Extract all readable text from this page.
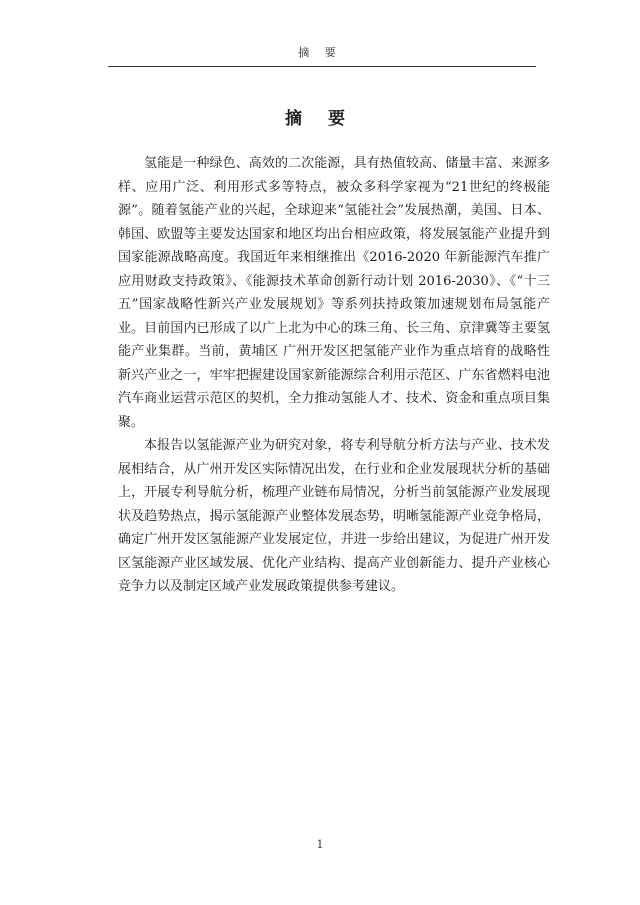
摘 要
摘 要

氢能是一种绿色、高效的二次能源，具有热值较高、储量丰富、来源多样、应用广泛、利用形式多等特点，被众多科学家视为“21世纪的终极能源”。随着氢能产业的兴起，全球迎来“氢能社会”发展热潮，美国、日本、韩国、欧盟等主要发达国家和地区均出台相应政策，将发展氢能产业提升到国家能源战略高度。我国近年来相继推出《2016-2020 年新能源汽车推广应用财政支持政策》、《能源技术革命创新行动计划 2016-2030》、《“十三五”国家战略性新兴产业发展规划》等系列扶持政策加速规划布局氢能产业。目前国内已形成了以广上北为中心的珠三角、长三角、京津冀等主要氢能产业集群。当前，黄埔区 广州开发区把氢能产业作为重点培育的战略性新兴产业之一，牢牢把握建设国家新能源综合利用示范区、广东省燃料电池汽车商业运营示范区的契机，全力推动氢能人才、技术、资金和重点项目集聚。

本报告以氢能源产业为研究对象，将专利导航分析方法与产业、技术发展相结合，从广州开发区实际情况出发，在行业和企业发展现状分析的基础上，开展专利导航分析，梳理产业链布局情况，分析当前氢能源产业发展现状及趋势热点，揭示氢能源产业整体发展态势，明晰氢能源产业竞争格局，确定广州开发区氢能源产业发展定位，并进一步给出建议，为促进广州开发区氢能源产业区域发展、优化产业结构、提高产业创新能力、提升产业核心竞争力以及制定区域产业发展政策提供参考建议。

1
